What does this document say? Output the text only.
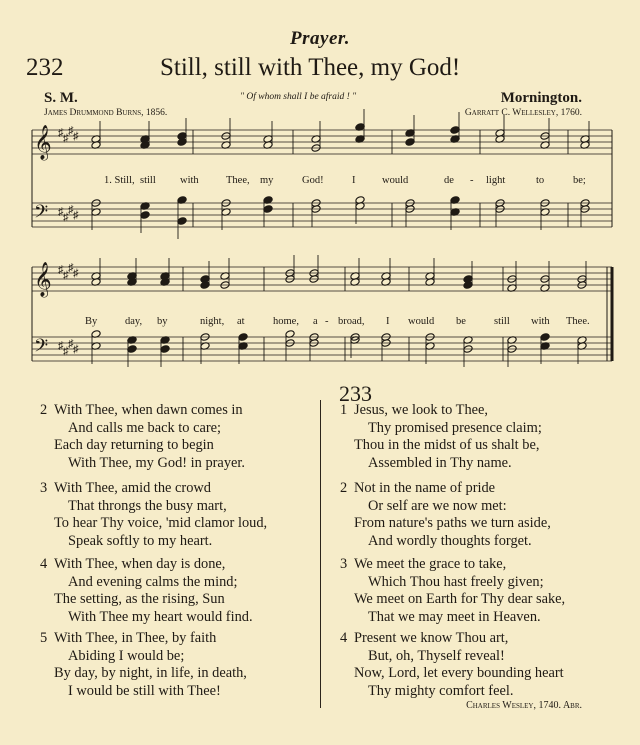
Prayer.
232	Still, still with Thee, my God!
S. M.	" Of whom shall I be afraid ! "	Mornington.
James Drummond Burns, 1856.	Garratt C. Wellesley, 1760.
𝄞
𝄢
♯
♯
♯
♯
♯
♯
♯
♯
𝄞
𝄢
♯
♯
♯
♯
♯
♯
♯
♯
1. Still, still with	Thee, my	God!	I	would	de - light	to	be;
By	day, by	night, at	home, a - broad, I would be	still with Thee.
233
2 With Thee, when dawn comes in
And calls me back to care;
Each day returning to begin
With Thee, my God! in prayer.
3 With Thee, amid the crowd
That throngs the busy mart,
To hear Thy voice, 'mid clamor loud,
Speak softly to my heart.
4 With Thee, when day is done,
And evening calms the mind;
The setting, as the rising, Sun
With Thee my heart would find.
5 With Thee, in Thee, by faith
Abiding I would be;
By day, by night, in life, in death,
I would be still with Thee!
1 Jesus, we look to Thee,
Thy promised presence claim;
Thou in the midst of us shalt be,
Assembled in Thy name.
2 Not in the name of pride
Or self are we now met:
From nature's paths we turn aside,
And wordly thoughts forget.
3 We meet the grace to take,
Which Thou hast freely given;
We meet on Earth for Thy dear sake,
That we may meet in Heaven.
4 Present we know Thou art,
But, oh, Thyself reveal!
Now, Lord, let every bounding heart
Thy mighty comfort feel.
Charles Wesley, 1740. Abr.
